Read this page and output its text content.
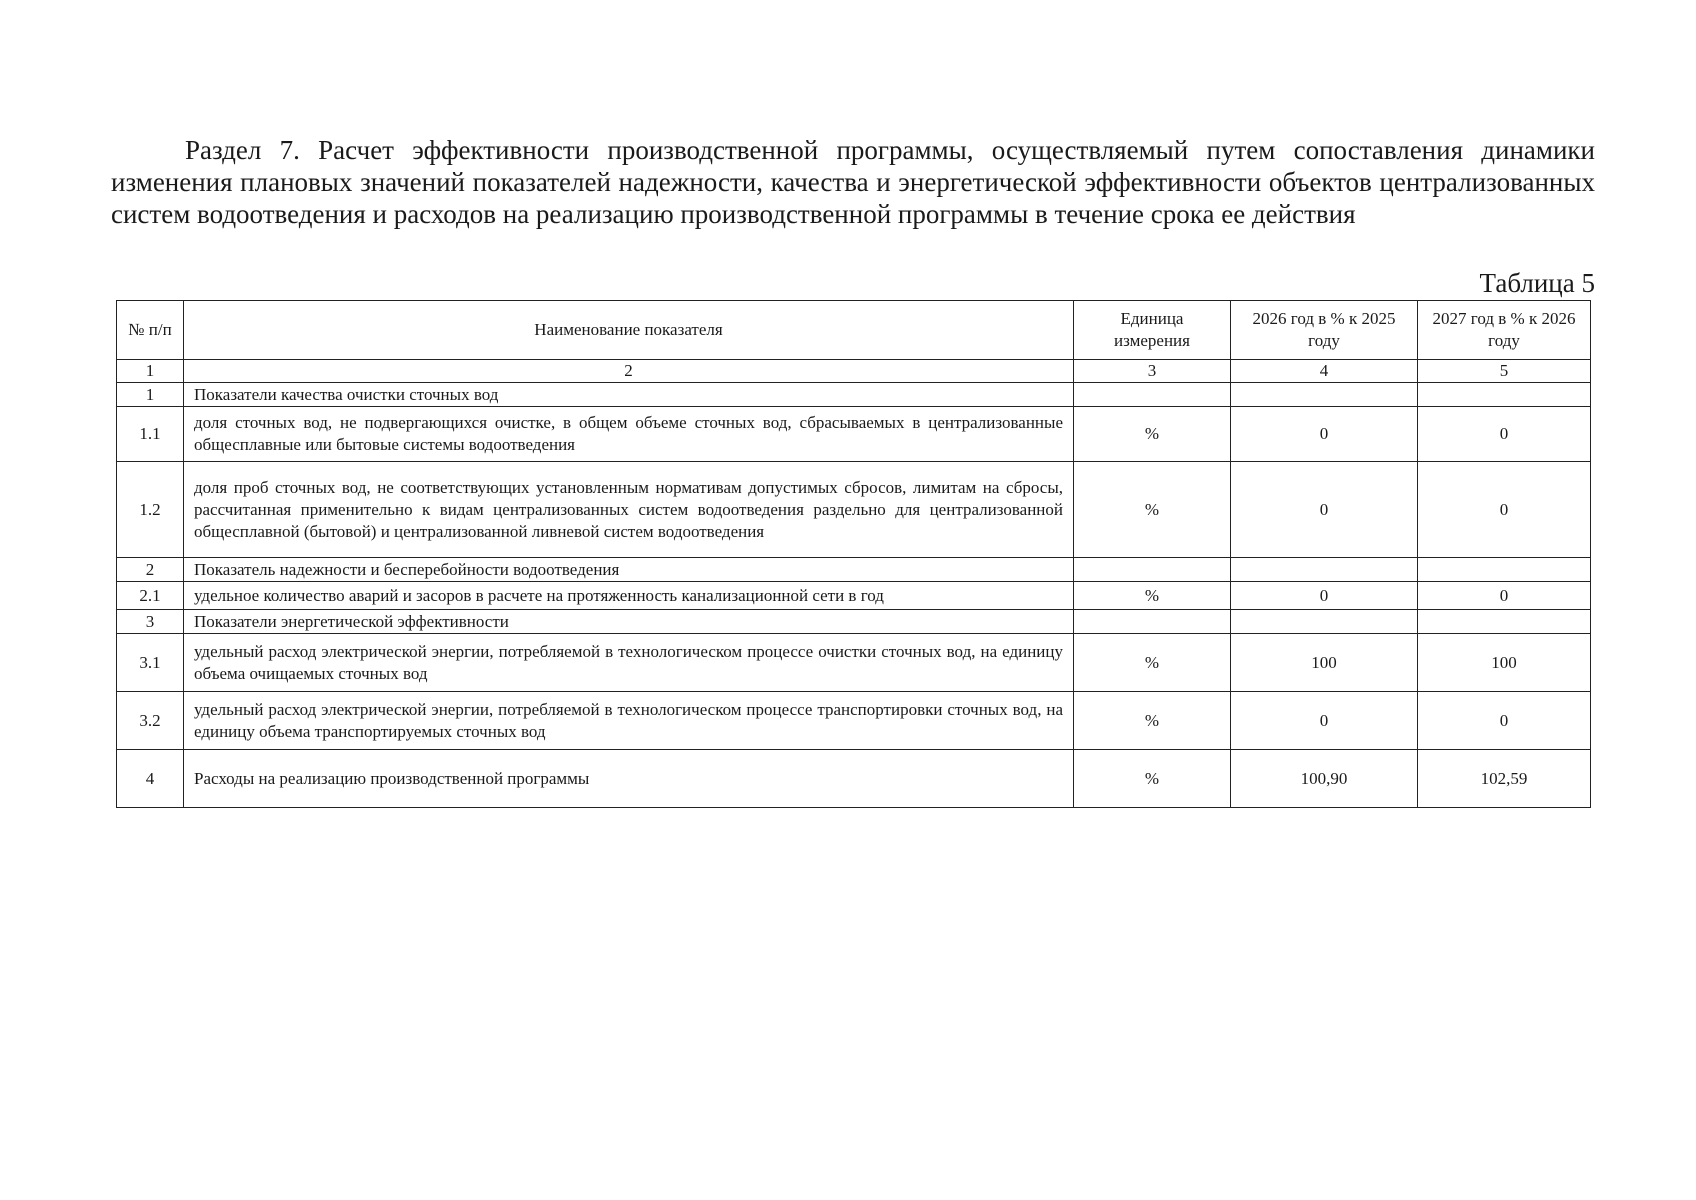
Раздел 7. Расчет эффективности производственной программы, осуществляемый путем сопоставления динамики изменения плановых значений показателей надежности, качества и энергетической эффективности объектов централизованных систем водоотведения и расходов на реализацию производственной программы в течение срока ее действия

Таблица 5
№ п/п	Наименование показателя	Единица измерения	2026 год в % к 2025 году	2027 год в % к 2026 году
1	2	3	4	5
1	Показатели качества очистки сточных вод			
1.1	доля сточных вод, не подвергающихся очистке, в общем объеме сточных вод, сбрасываемых в централизованные общесплавные или бытовые системы водоотведения	%	0	0
1.2	доля проб сточных вод, не соответствующих установленным нормативам допустимых сбросов, лимитам на сбросы, рассчитанная применительно к видам централизованных систем водоотведения раздельно для централизованной общесплавной (бытовой) и централизованной ливневой систем водоотведения	%	0	0
2	Показатель надежности и бесперебойности водоотведения			
2.1	удельное количество аварий и засоров в расчете на протяженность канализационной сети в год	%	0	0
3	Показатели энергетической эффективности			
3.1	удельный расход электрической энергии, потребляемой в технологическом процессе очистки сточных вод, на единицу объема очищаемых сточных вод	%	100	100
3.2	удельный расход электрической энергии, потребляемой в технологическом процессе транспортировки сточных вод, на единицу объема транспортируемых сточных вод	%	0	0
4	Расходы на реализацию производственной программы	%	100,90	102,59
